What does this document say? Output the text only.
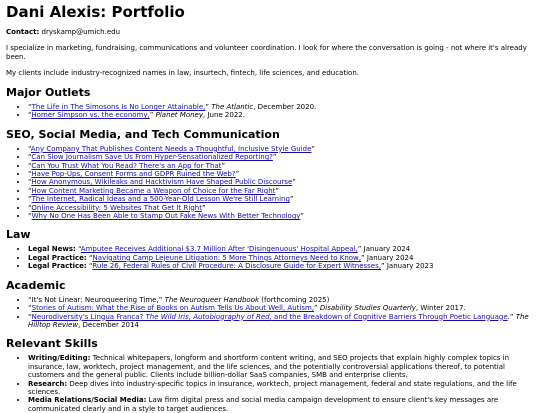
Dani Alexis: Portfolio

Contact: dryskamp@umich.edu

I specialize in marketing, fundraising, communications and volunteer coordination. I look for where the conversation is going - not where it's already been.

My clients include industry-recognized names in law, insurtech, fintech, life sciences, and education.

Major Outlets
• “The Life in The Simosons Is No Longer Attainable,” The Atlantic, December 2020.
• “Homer Simpson vs. the economy,” Planet Money, June 2022.
SEO, Social Media, and Tech Communication
• “Any Company That Publishes Content Needs a Thoughtful, Inclusive Style Guide”
• “Can Slow Journalism Save Us From Hyper-Sensationalized Reporting?”
• “Can You Trust What You Read? There's an App for That”
• “Have Pop-Ups, Consent Forms and GDPR Ruined the Web?”
• “How Anonymous, Wikileaks and Hacktivism Have Shaped Public Discourse”
• “How Content Marketing Became a Weapon of Choice for the Far Right”
• “The Internet, Radical Ideas and a 500-Year-Old Lesson We're Still Learning”
• “Online Accessibility: 5 Websites That Get It Right”
• “Why No One Has Been Able to Stamp Out Fake News With Better Technology”
Law
• Legal News: “Amputee Receives Additional $3.7 Million After 'Disingenuous' Hospital Appeal,” January 2024
• Legal Practice: “Navigating Camp Lejeune Litigation: 5 More Things Attorneys Need to Know,” January 2024
• Legal Practice: “Rule 26, Federal Rules of Civil Procedure: A Disclosure Guide for Expert Witnesses,” January 2023
Academic
• “It's Not Linear: Neuroqueering Time,” The Neuroqueer Handbook (forthcoming 2025)
• “Stories of Autism: What the Rise of Books on Autism Tells Us About Well, Autism,” Disability Studies Quarterly, Winter 2017.
• “Neurodiversity's Lingua Franca? The Wild Iris, Autobiography of Red, and the Breakdown of Cognitive Barriers Through Poetic Language.” The Hilltop Review, December 2014
Relevant Skills
• Writing/Editing: Technical whitepapers, longform and shortform content writing, and SEO projects that explain highly complex topics in insurance, law, worktech, project management, and the life sciences, and the potentially controversial applications thereof, to potential customers and the general public. Clients include billion-dollar SaaS companies, SMB and enterprise clients.
• Research: Deep dives into industry-specific topics in insurance, worktech, project management, federal and state regulations, and the life sciences.
• Media Relations/Social Media: Law firm digital press and social media campaign development to ensure client's key messages are communicated clearly and in a style to target audiences.
